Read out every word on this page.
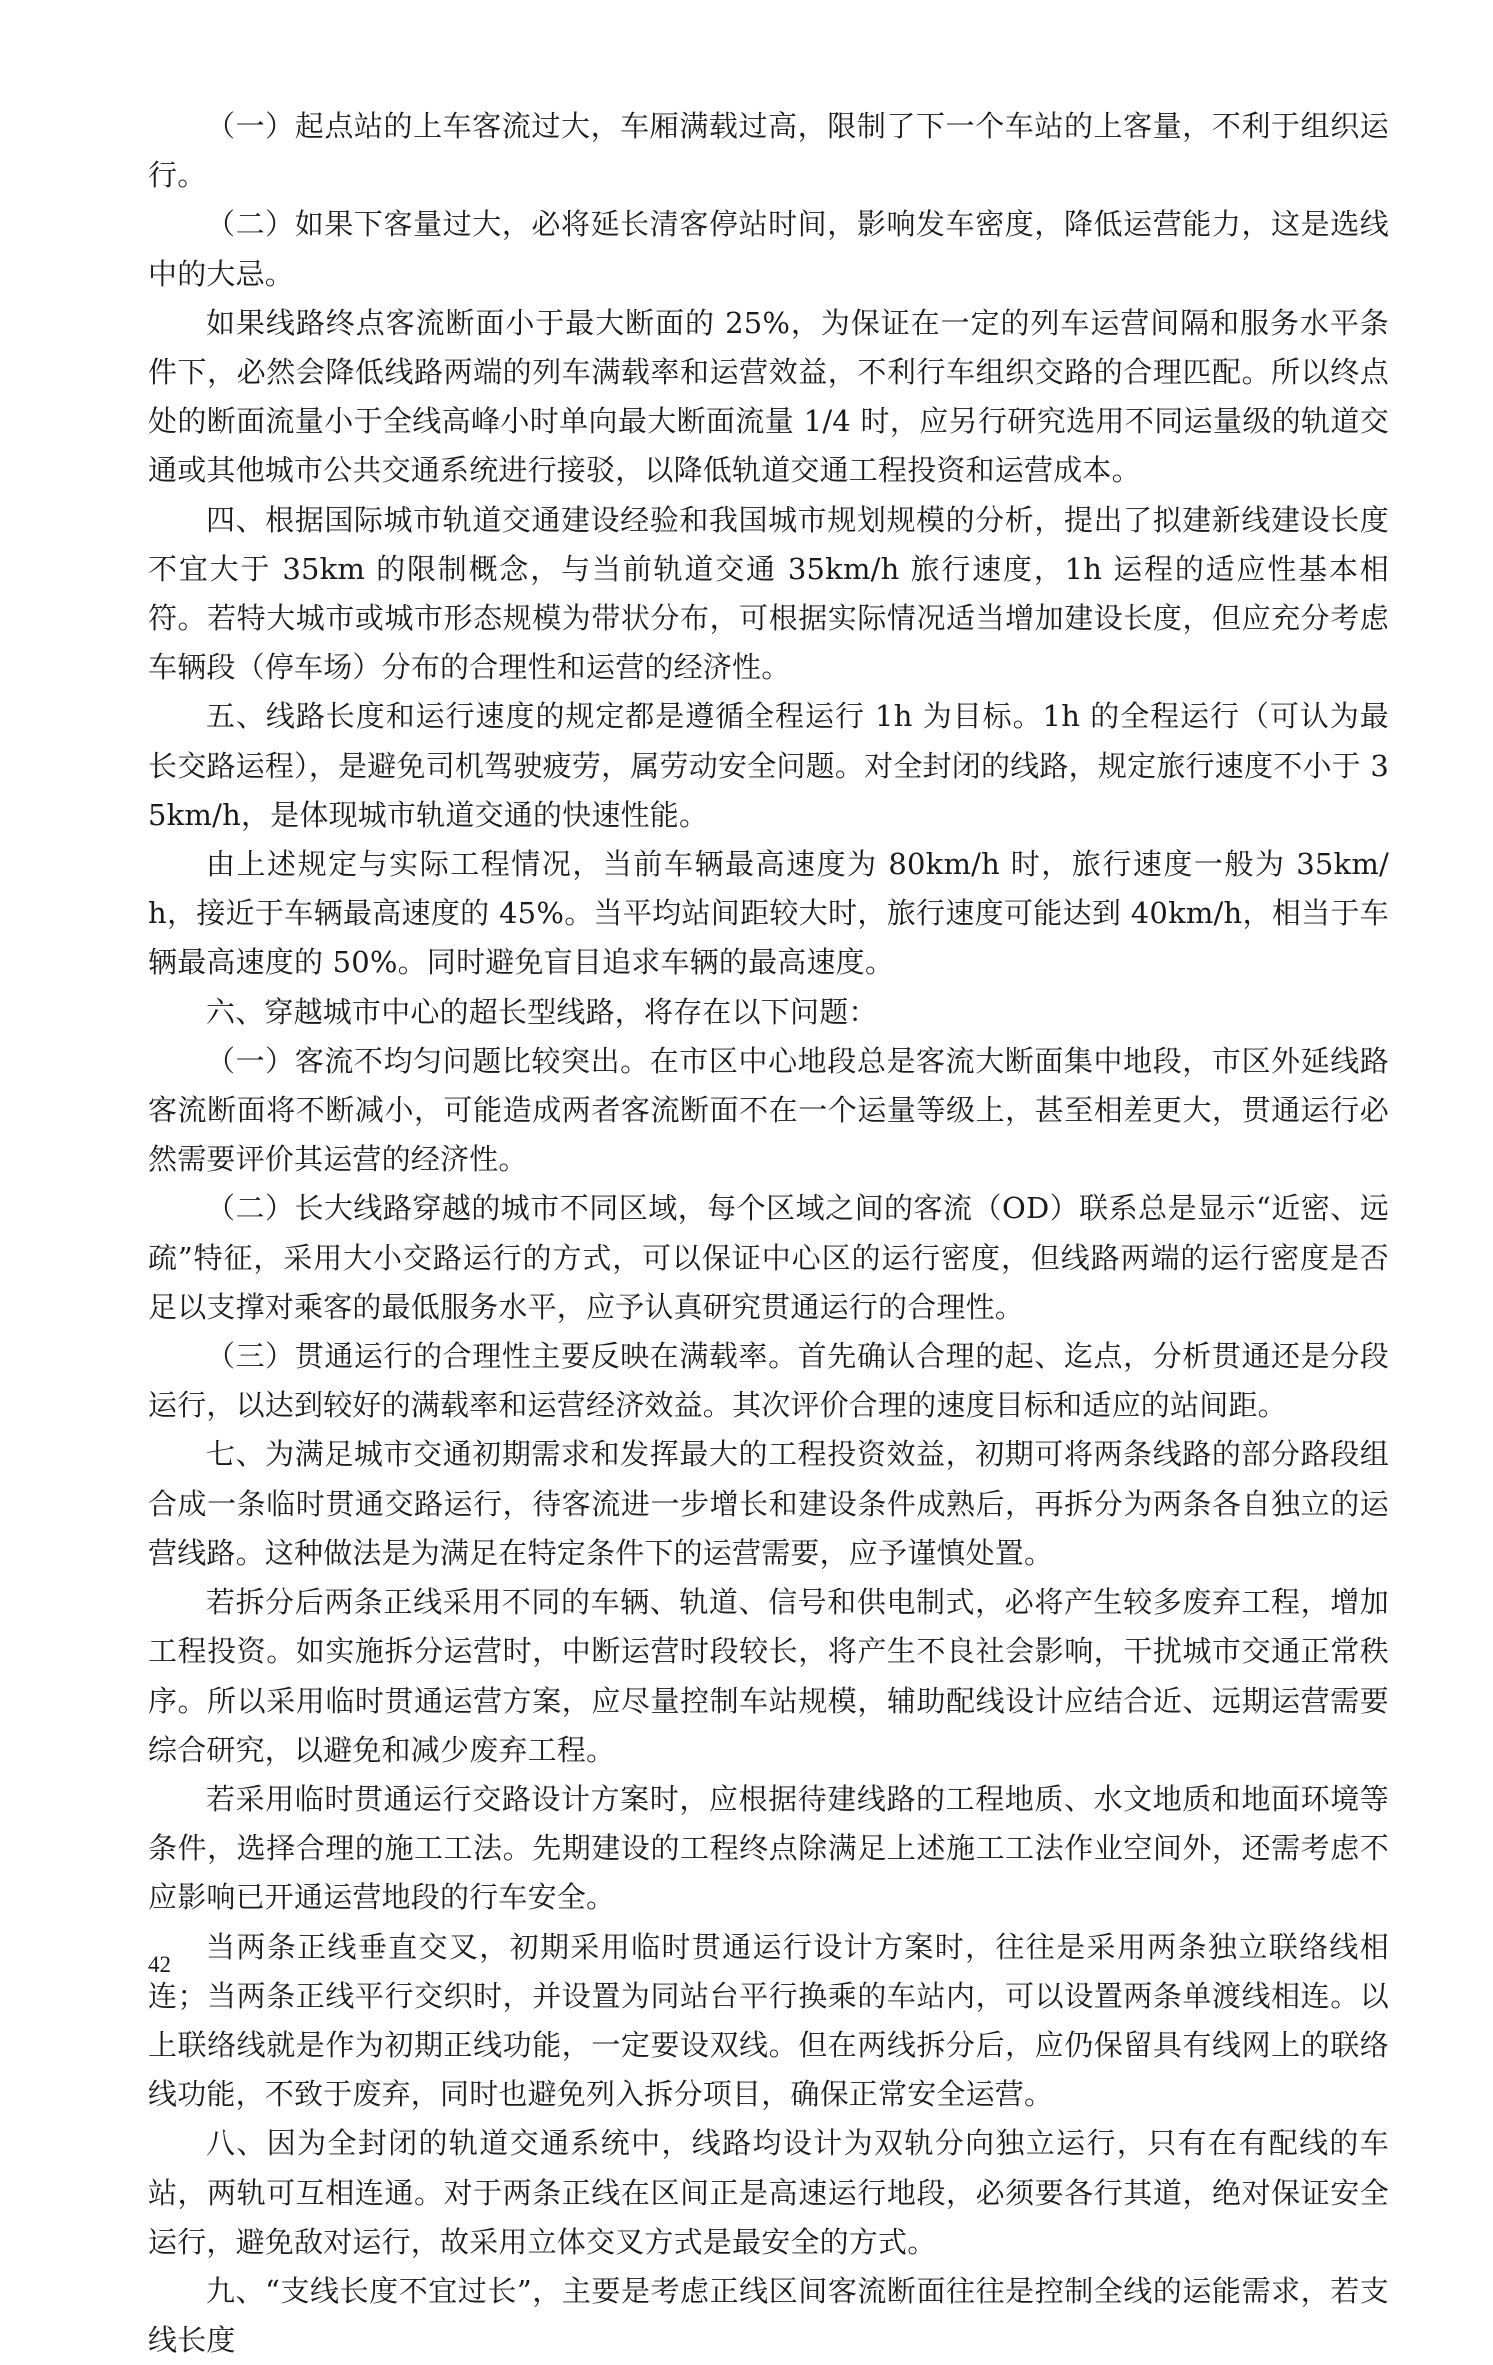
（一）起点站的上车客流过大，车厢满载过高，限制了下一个车站的上客量，不利于组织运行。

（二）如果下客量过大，必将延长清客停站时间，影响发车密度，降低运营能力，这是选线中的大忌。

如果线路终点客流断面小于最大断面的 25%，为保证在一定的列车运营间隔和服务水平条件下，必然会降低线路两端的列车满载率和运营效益，不利行车组织交路的合理匹配。所以终点处的断面流量小于全线高峰小时单向最大断面流量 1/4 时，应另行研究选用不同运量级的轨道交通或其他城市公共交通系统进行接驳，以降低轨道交通工程投资和运营成本。

四、根据国际城市轨道交通建设经验和我国城市规划规模的分析，提出了拟建新线建设长度不宜大于 35km 的限制概念，与当前轨道交通 35km/h 旅行速度，1h 运程的适应性基本相符。若特大城市或城市形态规模为带状分布，可根据实际情况适当增加建设长度，但应充分考虑车辆段（停车场）分布的合理性和运营的经济性。

五、线路长度和运行速度的规定都是遵循全程运行 1h 为目标。1h 的全程运行（可认为最长交路运程），是避免司机驾驶疲劳，属劳动安全问题。对全封闭的线路，规定旅行速度不小于 35km/h，是体现城市轨道交通的快速性能。

由上述规定与实际工程情况，当前车辆最高速度为 80km/h 时，旅行速度一般为 35km/h，接近于车辆最高速度的 45%。当平均站间距较大时，旅行速度可能达到 40km/h，相当于车辆最高速度的 50%。同时避免盲目追求车辆的最高速度。

六、穿越城市中心的超长型线路，将存在以下问题：

（一）客流不均匀问题比较突出。在市区中心地段总是客流大断面集中地段，市区外延线路客流断面将不断减小，可能造成两者客流断面不在一个运量等级上，甚至相差更大，贯通运行必然需要评价其运营的经济性。

（二）长大线路穿越的城市不同区域，每个区域之间的客流（OD）联系总是显示“近密、远疏”特征，采用大小交路运行的方式，可以保证中心区的运行密度，但线路两端的运行密度是否足以支撑对乘客的最低服务水平，应予认真研究贯通运行的合理性。

（三）贯通运行的合理性主要反映在满载率。首先确认合理的起、迄点，分析贯通还是分段运行，以达到较好的满载率和运营经济效益。其次评价合理的速度目标和适应的站间距。

七、为满足城市交通初期需求和发挥最大的工程投资效益，初期可将两条线路的部分路段组合成一条临时贯通交路运行，待客流进一步增长和建设条件成熟后，再拆分为两条各自独立的运营线路。这种做法是为满足在特定条件下的运营需要，应予谨慎处置。

若拆分后两条正线采用不同的车辆、轨道、信号和供电制式，必将产生较多废弃工程，增加工程投资。如实施拆分运营时，中断运营时段较长，将产生不良社会影响，干扰城市交通正常秩序。所以采用临时贯通运营方案，应尽量控制车站规模，辅助配线设计应结合近、远期运营需要综合研究，以避免和减少废弃工程。

若采用临时贯通运行交路设计方案时，应根据待建线路的工程地质、水文地质和地面环境等条件，选择合理的施工工法。先期建设的工程终点除满足上述施工工法作业空间外，还需考虑不应影响已开通运营地段的行车安全。

当两条正线垂直交叉，初期采用临时贯通运行设计方案时，往往是采用两条独立联络线相连；当两条正线平行交织时，并设置为同站台平行换乘的车站内，可以设置两条单渡线相连。以上联络线就是作为初期正线功能，一定要设双线。但在两线拆分后，应仍保留具有线网上的联络线功能，不致于废弃，同时也避免列入拆分项目，确保正常安全运营。

八、因为全封闭的轨道交通系统中，线路均设计为双轨分向独立运行，只有在有配线的车站，两轨可互相连通。对于两条正线在区间正是高速运行地段，必须要各行其道，绝对保证安全运行，避免敌对运行，故采用立体交叉方式是最安全的方式。

九、“支线长度不宜过长”，主要是考虑正线区间客流断面往往是控制全线的运能需求，若支线长度

42
